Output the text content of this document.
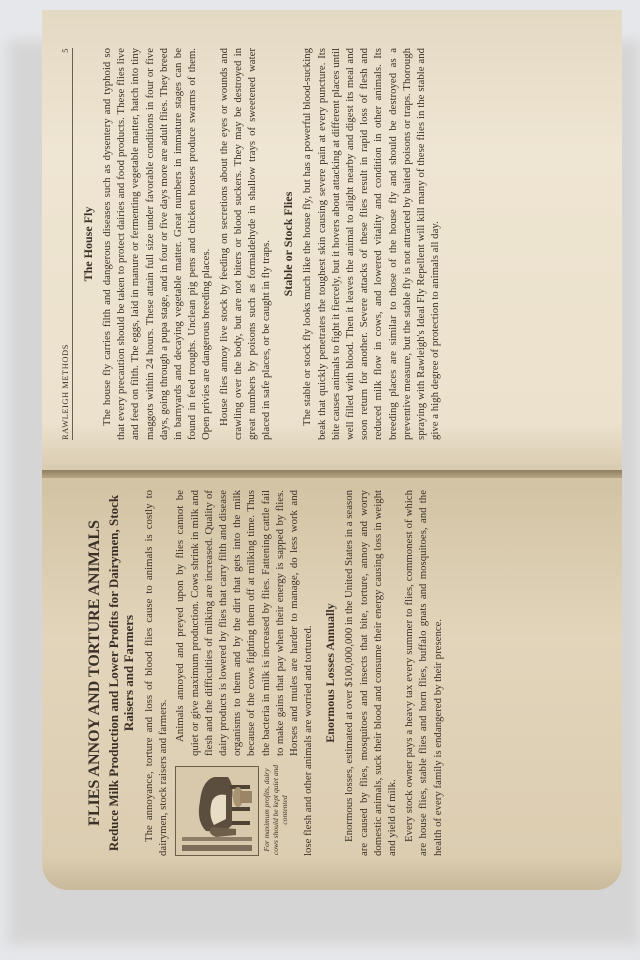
FLIES ANNOY AND TORTURE ANIMALS Reduce Milk Production and Lower Profits for Dairymen, Stock Raisers and Farmers The annoyance, torture and loss of blood flies cause to animals is costly to dairymen, stock raisers and farmers.	For maximum profits, dairy cows should be kept quiet and contented

Animals annoyed and preyed upon by flies cannot be quiet or give maximum production. Cows shrink in milk and flesh and the difficulties of milking are increased. Quality of dairy products is lowered by flies that carry filth and disease organisms to them and by the dirt that gets into the milk because of the cows fighting them off at milking time. Thus the bacteria in milk is increased by flies. Fattening cattle fail to make gains that pay when their energy is sapped by flies. Horses and mules are harder to manage, do less work and lose flesh and other animals are worried and tortured. Enormous Losses Annually Enormous losses, estimated at over $100,000,000 in the United States in a season are caused by flies, mosquitoes and insects that bite, torture, annoy and worry domestic animals, suck their blood and consume their energy causing loss in weight and yield of milk. Every stock owner pays a heavy tax every summer to flies, commonest of which are house flies, stable flies and horn flies, buffalo gnats and mosquitoes, and the health of every family is endangered by their presence.

RAWLEIGH METHODS
5
The House Fly The house fly carries filth and dangerous diseases such as dysentery and typhoid so that every precaution should be taken to protect dairies and food products. These flies live and feed on filth. The eggs, laid in manure or fermenting vegetable matter, hatch into tiny maggots within 24 hours. These attain full size under favorable conditions in four or five days, going through a pupa stage, and in four or five days more are adult flies. They breed in barnyards and decaying vegetable matter. Great numbers in immature stages can be found in feed troughs. Unclean pig pens and chicken houses produce swarms of them. Open privies are dangerous breeding places. House flies annoy live stock by feeding on secretions about the eyes or wounds and crawling over the body, but are not biters or blood suckers. They may be destroyed in great numbers by poisons such as formaldehyde in shallow trays of sweetened water placed in safe places, or be caught in fly traps. Stable or Stock Flies The stable or stock fly looks much like the house fly, but has a powerful blood-sucking beak that quickly penetrates the toughest skin causing severe pain at every puncture. Its bite causes animals to fight it fiercely, but it hovers about attacking at different places until well filled with blood. Then it leaves the animal to alight nearby and digest its meal and soon return for another. Severe attacks of these flies result in rapid loss of flesh and reduced milk flow in cows, and lowered vitality and condition in other animals. Its breeding places are similar to those of the house fly and should be destroyed as a preventive measure, but the stable fly is not attracted by baited poisons or traps. Thorough spraying with Rawleigh's Ideal Fly Repellent will kill many of these flies in the stable and give a high degree of protection to animals all day.
